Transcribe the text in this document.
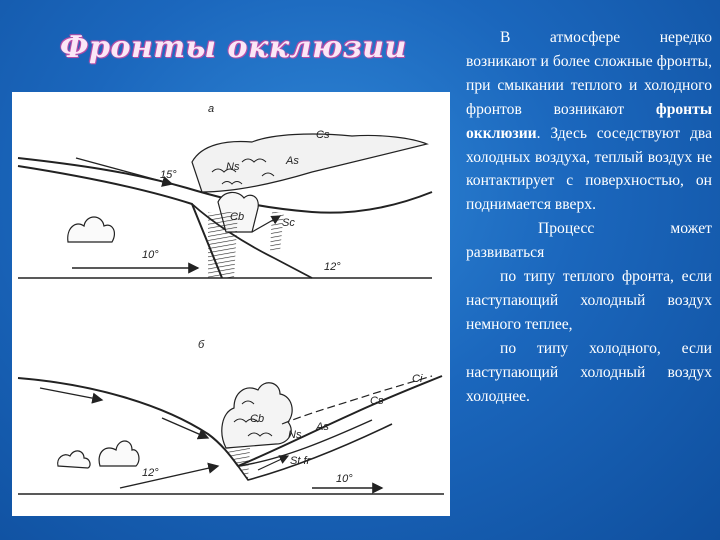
Фронты окклюзии
а
Cs
Ns	As
Cb	Sc
15°
10°
12°
б
Ci
Cs
As
Ns
Cb
St fr
12°	10°

В атмосфере нередко возникают и более сложные фронты, при смыкании теплого и холодного фронтов возникают фронты окклюзии. Здесь соседствуют два холодных воздуха, теплый воздух не контактирует с поверхностью, он поднимается вверх.

Процесс может развиваться

по типу теплого фронта, если наступающий холодный воздух немного теплее,

по типу холодного, если наступающий холодный воздух холоднее.
